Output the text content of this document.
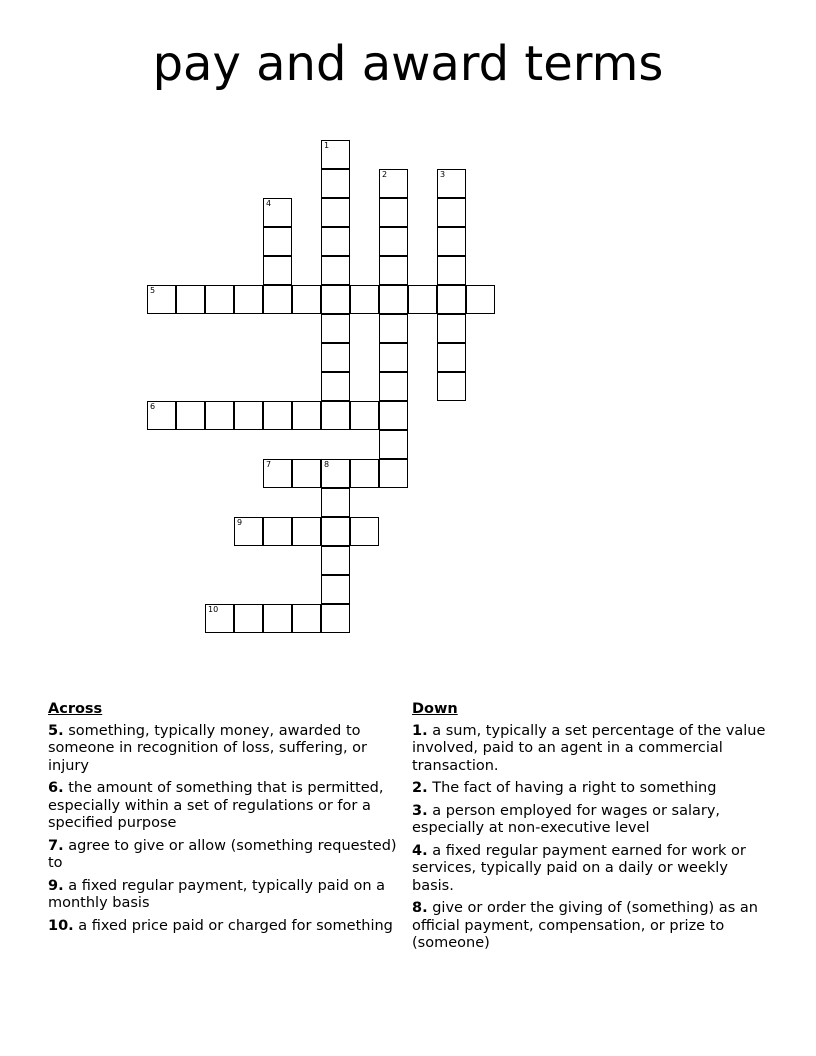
pay and award terms
1
2	3
4
5
6
7	8
9
10
Across
5. something, typically money, awarded to someone in recognition of loss, suffering, or injury
6. the amount of something that is permitted, especially within a set of regulations or for a specified purpose
7. agree to give or allow (something requested) to
9. a fixed regular payment, typically paid on a monthly basis
10. a fixed price paid or charged for something
Down
1. a sum, typically a set percentage of the value involved, paid to an agent in a commercial transaction.
2. The fact of having a right to something
3. a person employed for wages or salary, especially at non-executive level
4. a fixed regular payment earned for work or services, typically paid on a daily or weekly basis.
8. give or order the giving of (something) as an official payment, compensation, or prize to (someone)
